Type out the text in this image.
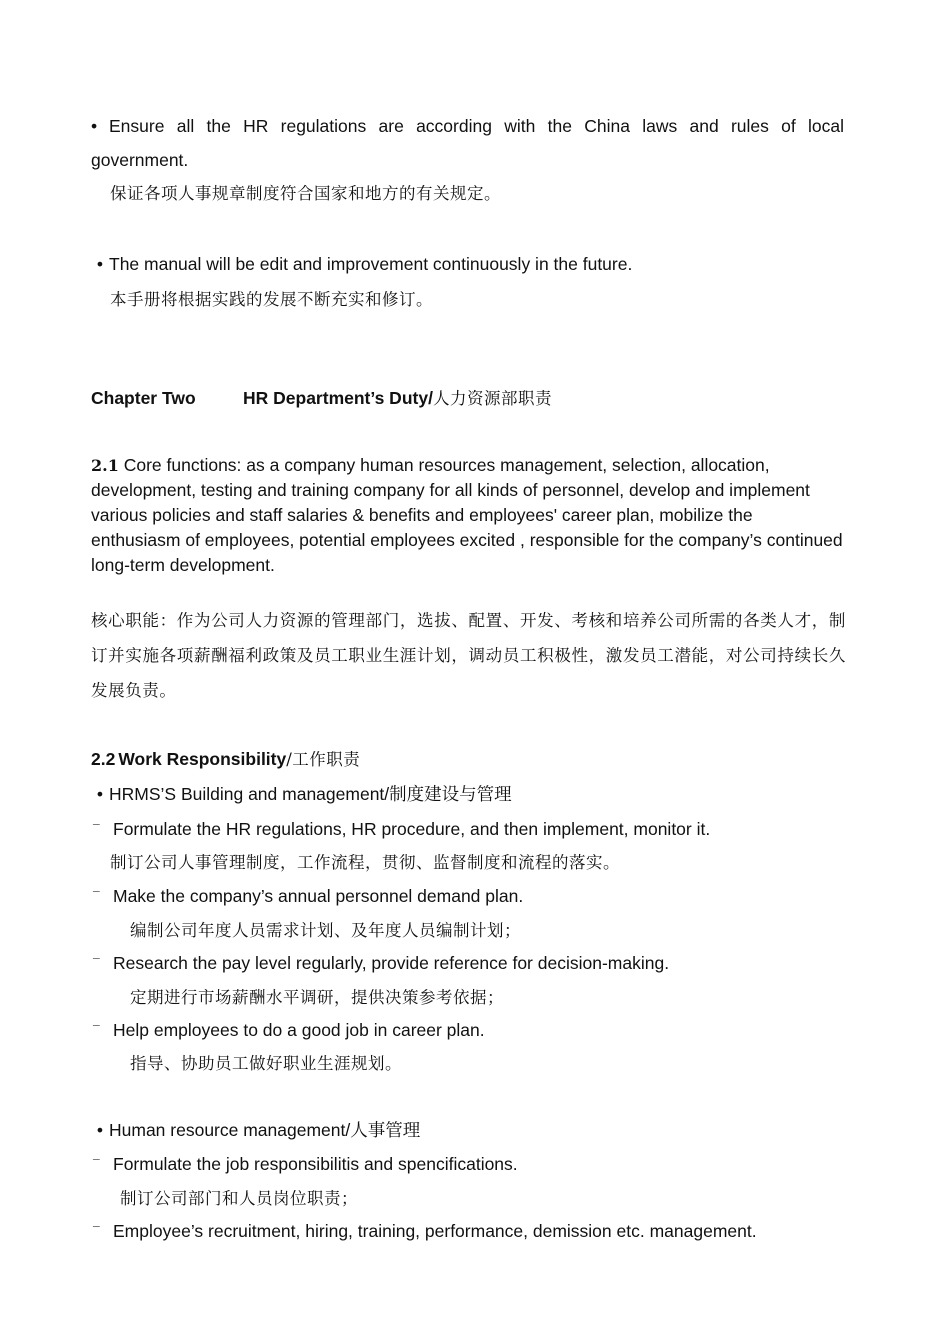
• Ensure all the HR regulations are according with the China laws and rules of local
government.
保证各项人事规章制度符合国家和地方的有关规定。
• The manual will be edit and improvement continuously in the future.
本手册将根据实践的发展不断充实和修订。
Chapter Two	HR Department’s Duty/人力资源部职责
2.1 Core functions: as a company human resources management, selection, allocation, development, testing and training company for all kinds of personnel, develop and implement various policies and staff salaries & benefits and employees' career plan, mobilize the enthusiasm of employees, potential employees excited , responsible for the company’s continued long-term development.
核心职能：作为公司人力资源的管理部门，选拔、配置、开发、考核和培养公司所需的各类人才，制订并实施各项薪酬福利政策及员工职业生涯计划，调动员工积极性，激发员工潜能，对公司持续长久发展负责。
2.2 Work Responsibility/工作职责
• HRMS’S Building and management/制度建设与管理
¯ Formulate the HR regulations, HR procedure, and then implement, monitor it.
制订公司人事管理制度，工作流程，贯彻、监督制度和流程的落实。
¯ Make the company’s annual personnel demand plan.
编制公司年度人员需求计划、及年度人员编制计划；
¯ Research the pay level regularly, provide reference for decision-making.
定期进行市场薪酬水平调研，提供决策参考依据；
¯ Help employees to do a good job in career plan.
指导、协助员工做好职业生涯规划。
• Human resource management/人事管理
¯ Formulate the job responsibilitis and spencifications.
制订公司部门和人员岗位职责；
¯ Employee’s recruitment, hiring, training, performance, demission etc. management.
